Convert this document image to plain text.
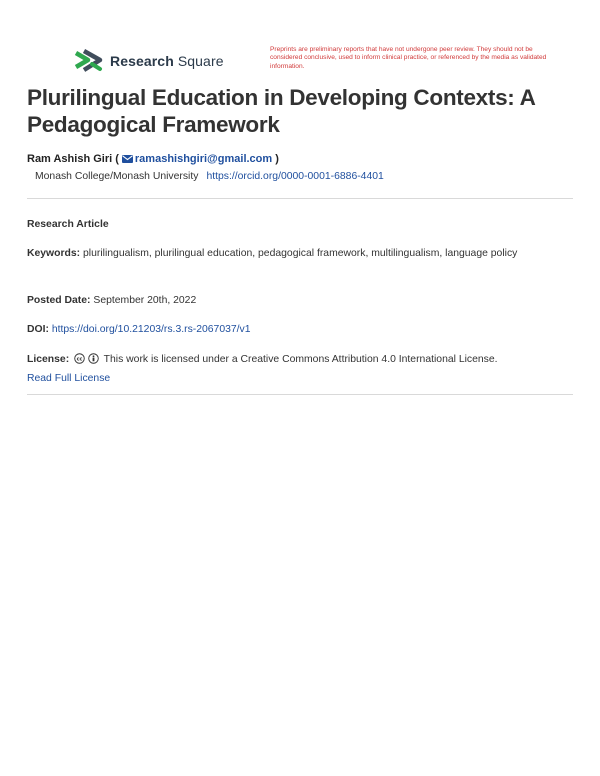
Research Square
Preprints are preliminary reports that have not undergone peer review. They should not be considered conclusive, used to inform clinical practice, or referenced by the media as validated information.
Plurilingual Education in Developing Contexts: A Pedagogical Framework
Ram Ashish Giri ( ramashishgiri@gmail.com )
Monash College/Monash University https://orcid.org/0000-0001-6886-4401
Research Article
Keywords: plurilingualism, plurilingual education, pedagogical framework, multilingualism, language policy
Posted Date: September 20th, 2022
DOI: https://doi.org/10.21203/rs.3.rs-2067037/v1
License: cc This work is licensed under a Creative Commons Attribution 4.0 International License.
Read Full License
